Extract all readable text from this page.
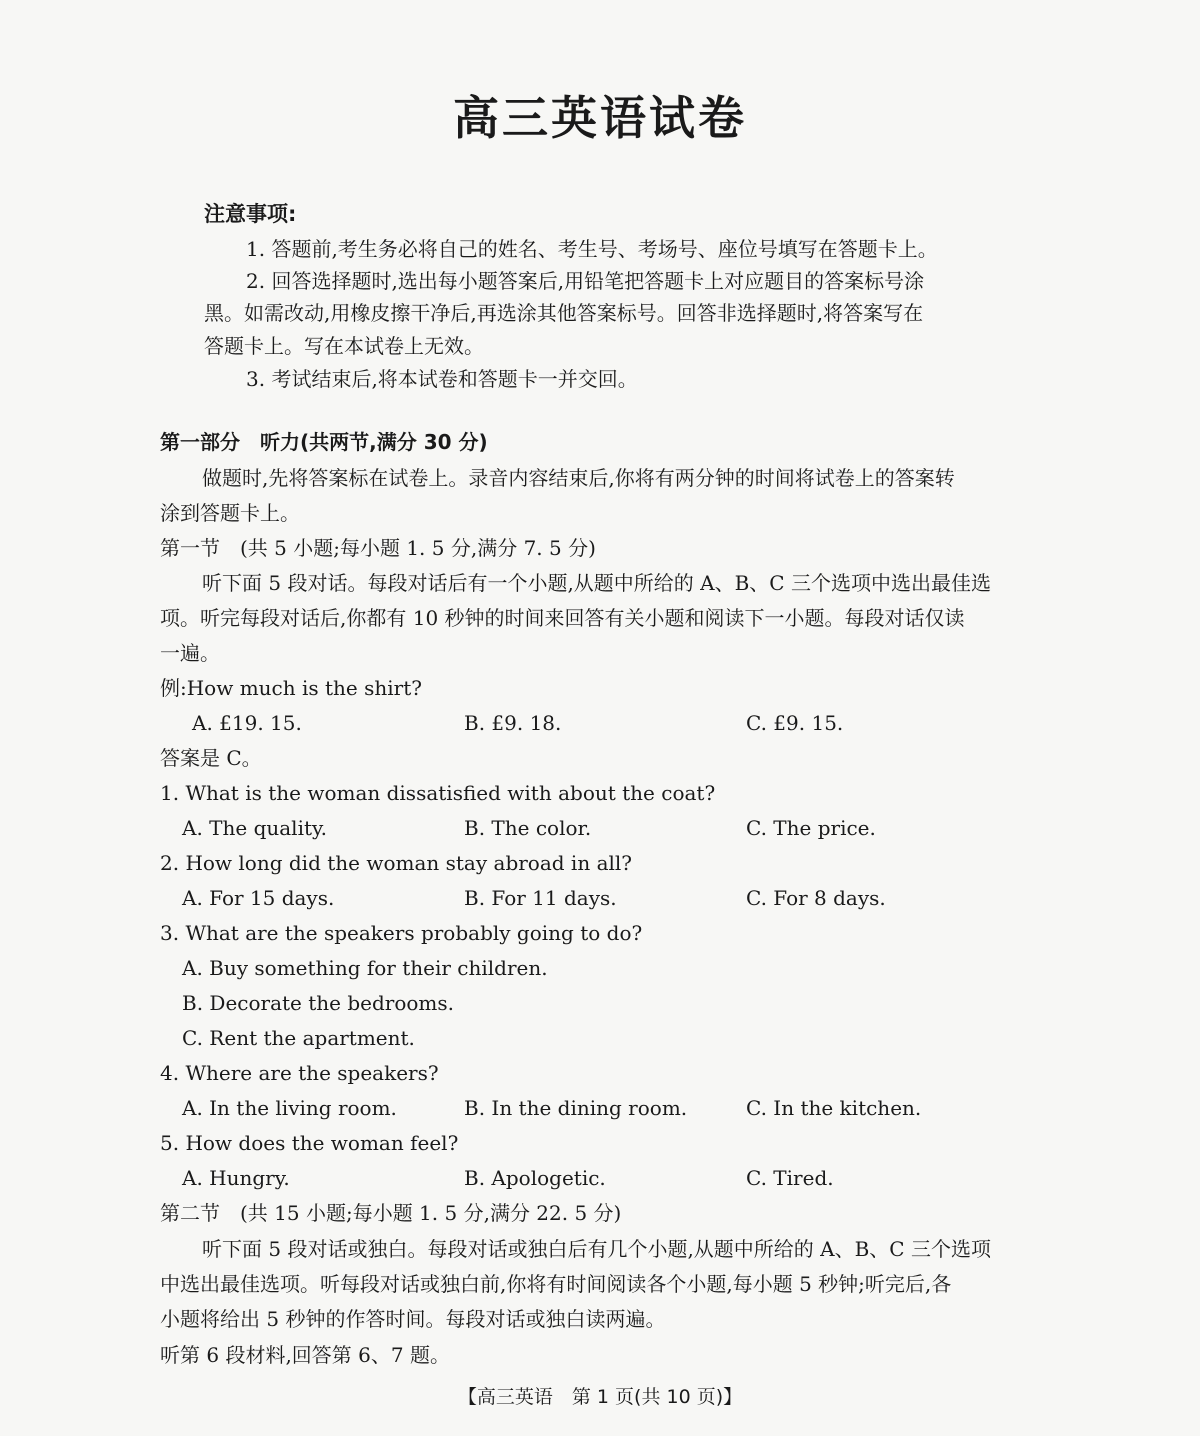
高三英语试卷
注意事项:
1. 答题前,考生务必将自己的姓名、考生号、考场号、座位号填写在答题卡上。
2. 回答选择题时,选出每小题答案后,用铅笔把答题卡上对应题目的答案标号涂
黑。如需改动,用橡皮擦干净后,再选涂其他答案标号。回答非选择题时,将答案写在
答题卡上。写在本试卷上无效。
3. 考试结束后,将本试卷和答题卡一并交回。
第一部分　听力(共两节,满分 30 分)
做题时,先将答案标在试卷上。录音内容结束后,你将有两分钟的时间将试卷上的答案转
涂到答题卡上。
第一节　(共 5 小题;每小题 1. 5 分,满分 7. 5 分)
听下面 5 段对话。每段对话后有一个小题,从题中所给的 A、B、C 三个选项中选出最佳选
项。听完每段对话后,你都有 10 秒钟的时间来回答有关小题和阅读下一小题。每段对话仅读
一遍。
例:How much is the shirt?
A. £19. 15.	B. £9. 18.	C. £9. 15.
答案是 C。
1. What is the woman dissatisfied with about the coat?
A. The quality.	B. The color.	C. The price.
2. How long did the woman stay abroad in all?
A. For 15 days.	B. For 11 days.	C. For 8 days.
3. What are the speakers probably going to do?
A. Buy something for their children.
B. Decorate the bedrooms.
C. Rent the apartment.
4. Where are the speakers?
A. In the living room.	B. In the dining room.	C. In the kitchen.
5. How does the woman feel?
A. Hungry.	B. Apologetic.	C. Tired.
第二节　(共 15 小题;每小题 1. 5 分,满分 22. 5 分)
听下面 5 段对话或独白。每段对话或独白后有几个小题,从题中所给的 A、B、C 三个选项
中选出最佳选项。听每段对话或独白前,你将有时间阅读各个小题,每小题 5 秒钟;听完后,各
小题将给出 5 秒钟的作答时间。每段对话或独白读两遍。
听第 6 段材料,回答第 6、7 题。
【高三英语　第 1 页(共 10 页)】
